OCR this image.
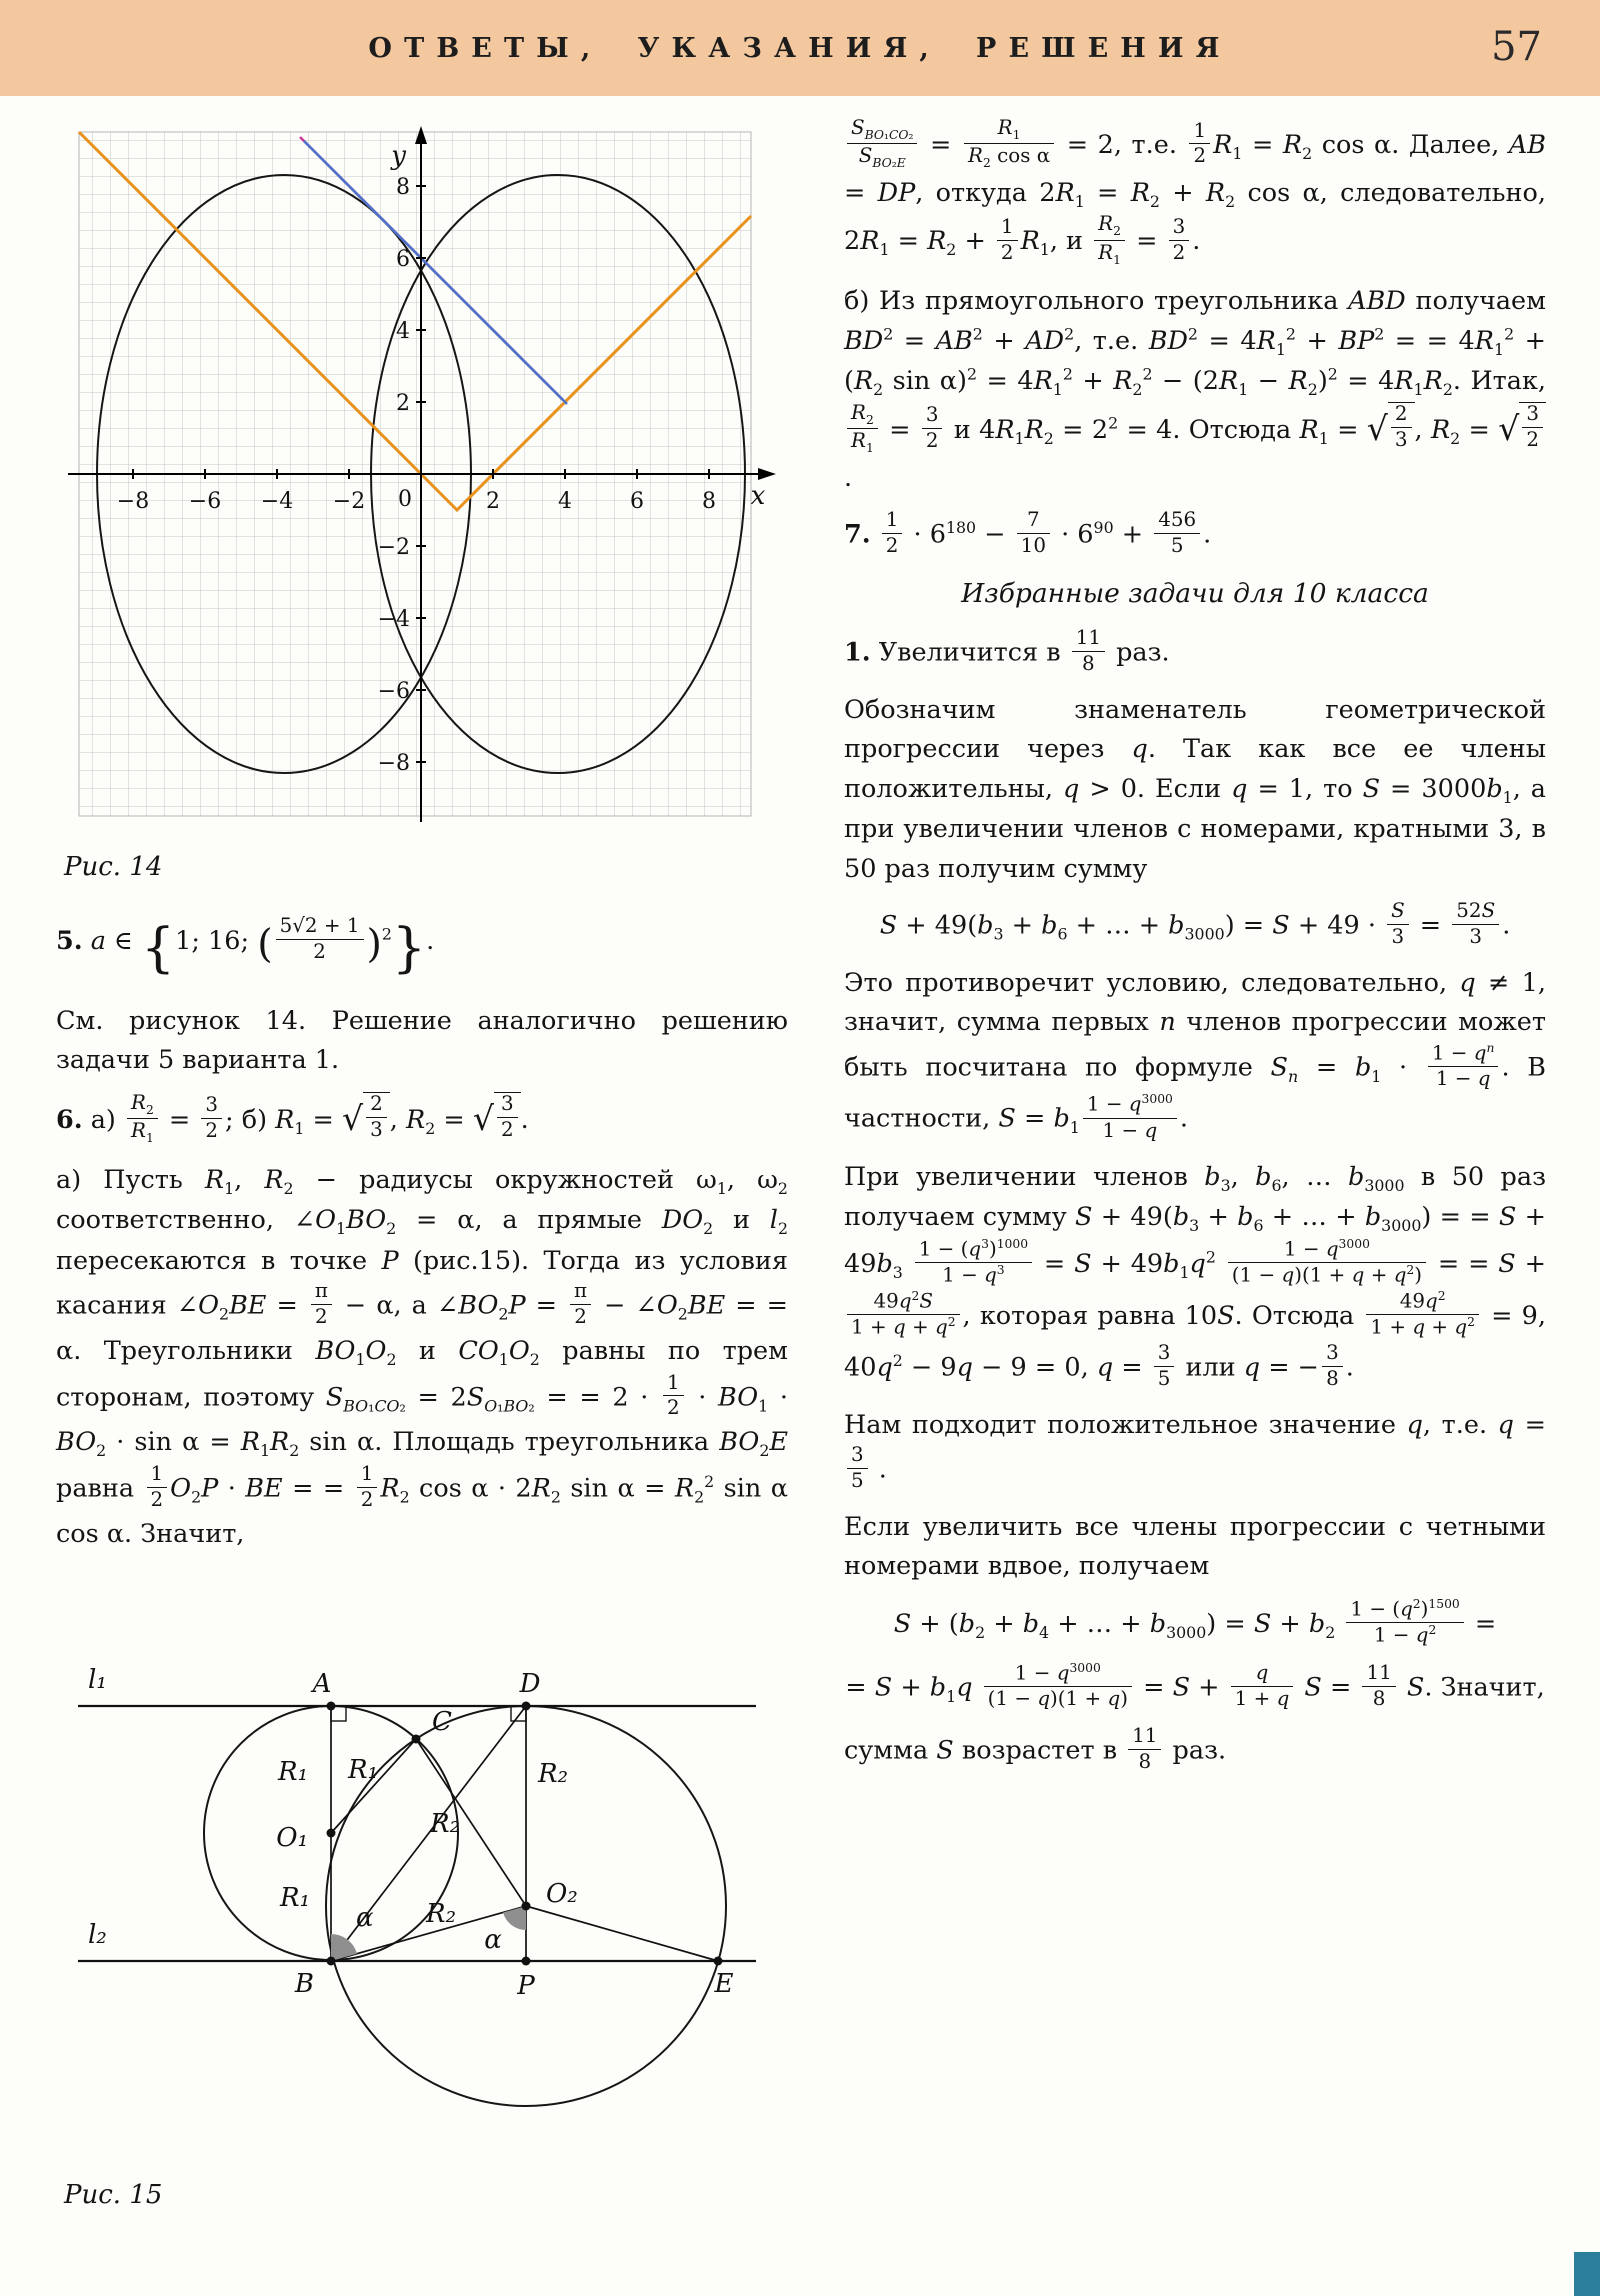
ОТВЕТЫ, УКАЗАНИЯ, РЕШЕНИЯ	57
−8 −6 −4 −2	2	4	6	8
8
6
4
2
−2
−4
−6
−8
0
y
x
Рис. 14

5. a ∈ {1; 16; ( $\frac{5√2 + 1}{2} )^2$}.

См. рисунок 14. Решение аналогично решению задачи 5 варианта 1.

6. $а) \frac{R_2}{R_1} = \frac{3}{2}$ ; б) $R_1$ = √ 2
3 , $R_2$ = √ 3
2 .

а) Пусть $R_1$, $R_2$ − радиусы окружностей $\omega_1$, $\omega_2$ соответственно, $\angle O_1BO_2 = \alpha$, а прямые $DO_2$ и $l_2$ пересекаются в точке P (рис.15). Тогда из условия касания $\angle O_2BE = \frac{\pi}{2} - \alpha$, а $\angle BO_2P = \frac{\pi}{2}$ − $\angle O_2BE$ = = α. Треугольники $BO_1O_2$ и $CO_1O_2$ равны по трем сторонам, поэтому $S_{BO_1CO_2} = 2S_{O_1BO_2}$ = = $2 \cdot \frac{1}{2} \cdot BO_1 \cdot BO_2 \cdot \sin \alpha = R_1R_2$ sin α. Площадь треугольника $BO_2E$ равна $\frac{1}{2} O_2P$ · BE = = $\frac{1}{2} R_2$ $\cos \alpha \cdot 2R_2$ $\sin \alpha = R_2^2$ sin α cos α. Значит,

l₁
l₂
A	D
C
O₁
O₂
B	P	E
R₁
R₁
R₁	R₂
R₂
R₂
α
α
Рис. 15

$S_{BO_1CO_2}$
$S_{BO_2E}$
= $\frac{R_1}{R_2 \cos \alpha} = 2$, т.е. $\frac{1}{2} R_1 = R_2$ cos α. Далее, AB = DP, откуда $2R_1 = R_2 + R_2$ cos α, следовательно, $2R_1 = R_2 + \frac{1}{2} R_1$, и $\frac{R_2}{R_1} = \frac{3}{2}$ .

б) Из прямоугольного треугольника ABD получаем $BD^2 = AB^2 + AD^2$, т.е. $BD^2 = 4R_1^2 + BP^2$ = = $4R_1^2 + (R_2$ $\sin \alpha)^2 = 4R_1^2 + R_2^2 - (2R_1 - R_2)^2 = 4R_1R_2$. Итак,
$\frac{R_2}{R_1} = \frac{3}{2}$ и $4R_1R_2 = 2^2 = 4$. Отсюда $R_1$ = √ 2
3 , $R_2$ = √ 3
2
.

7. $\frac{1}{2} \cdot 6^{180} - \frac{7}{10} \cdot 6^{90} + \frac{456}{5}$ .

Избранные задачи для 10 класса

1. Увеличится в $\frac{11}{8}$ раз.

Обозначим знаменатель геометрической прогрессии через q. Так как все ее члены положительны, q > 0. Если q = 1, то $S = 3000b_1$, а при увеличении членов с номерами, кратными 3, в 50 раз получим сумму

$S + 49(b_3 + b_6$ + … + $b_{3000}) = S + 49 \cdot \frac{S}{3} = \frac{52S}{3}$ .

Это противоречит условию, следовательно, q ≠ 1, значит, сумма первых n членов прогрессии может быть посчитана по формуле $S_n = b_1 \cdot \frac{1 - q^n}{1 - q}$ . В частности, $S = b_1 \frac{1 - q^{3000}}{1 - q}$ .

При увеличении членов $b_3$, $b_6$, … $b_{3000}$ в 50 раз получаем сумму $S + 49(b_3 + b_6$ + … + $b_{3000}$) = = $S + 49b_3 \frac{1 - (q^3)^{1000}}{1 - q^3} = S + 49b_1q^2 \frac{1 - q^{3000}}{(1 - q)(1 + q + q^2)}$ = = S +
$\frac{49q^2S}{1 + q + q^2}$ , которая равна 10S. Отсюда $\frac{49q^2}{1 + q + q^2} = 9$, $40q^2 - 9q - 9 = 0$, $q = \frac{3}{5}$ или q = − $\frac{3}{8}$ .

Нам подходит положительное значение q, т.е. q =
$\frac{3}{5}$ .

Если увеличить все члены прогрессии с четными номерами вдвое, получаем

$S + (b_2 + b_4$ + … + $b_{3000}) = S + b_2 \frac{1 - (q^2)^{1500}}{1 - q^2}$ =

= $S + b_1q \frac{1 - q^{3000}}{(1 - q)(1 + q)} = S + \frac{q}{1 + q}$ $S = \frac{11}{8} S$. Значит,

сумма S возрастет в $\frac{11}{8}$ раз.
